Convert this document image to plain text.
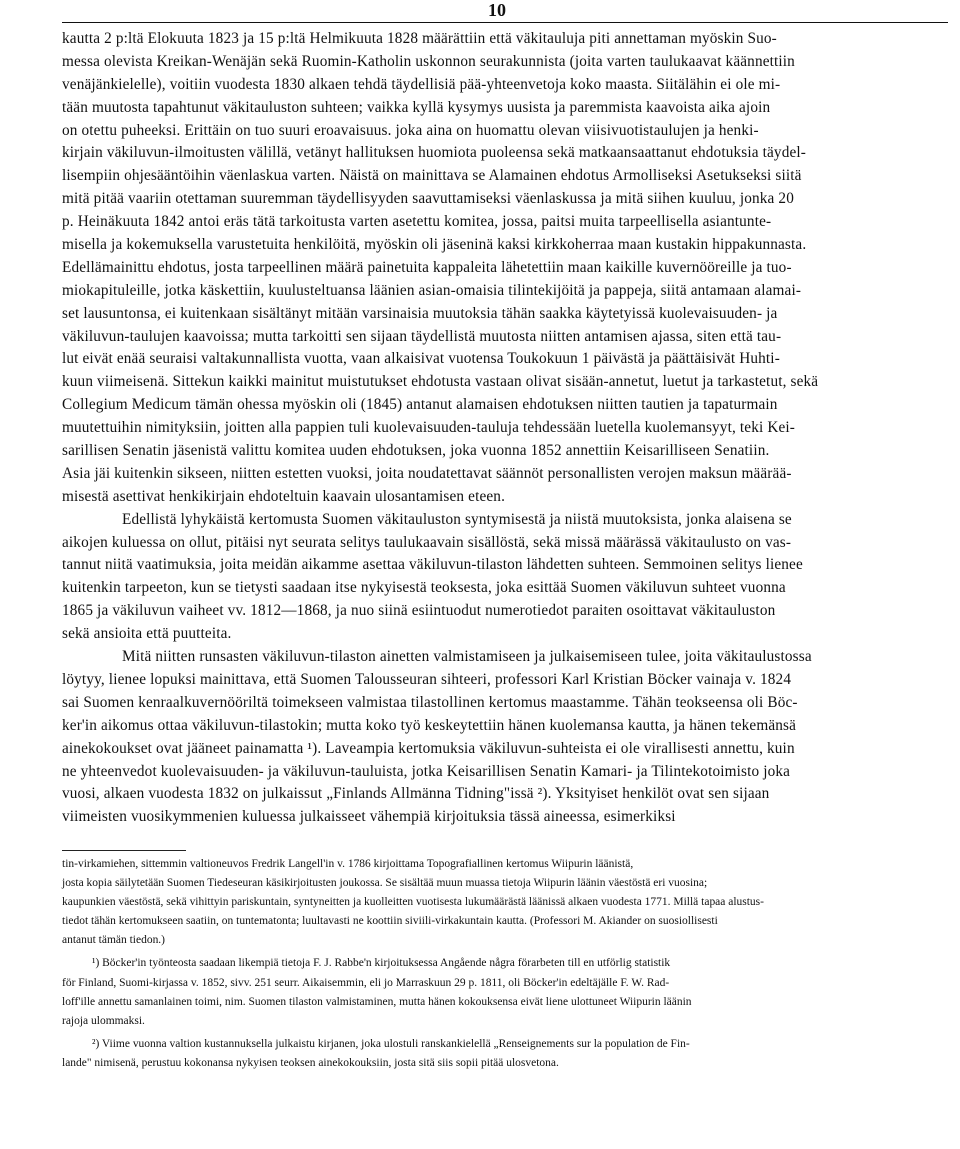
10
kautta 2 p:ltä Elokuuta 1823 ja 15 p:ltä Helmikuuta 1828 määrättiin että väkitauluja piti annettaman myöskin Suo-
messa olevista Kreikan-Wenäjän sekä Ruomin-Katholin uskonnon seurakunnista (joita varten taulukaavat käännettiin
venäjänkielelle), voitiin vuodesta 1830 alkaen tehdä täydellisiä pää-yhteenvetoja koko maasta. Siitälähin ei ole mi-
tään muutosta tapahtunut väkitauluston suhteen; vaikka kyllä kysymys uusista ja paremmista kaavoista aika ajoin
on otettu puheeksi. Erittäin on tuo suuri eroavaisuus. joka aina on huomattu olevan viisivuotistaulujen ja henki-
kirjain väkiluvun-ilmoitusten välillä, vetänyt hallituksen huomiota puoleensa sekä matkaansaattanut ehdotuksia täydel-
lisempiin ohjesääntöihin väenlaskua varten. Näistä on mainittava se Alamainen ehdotus Armolliseksi Asetukseksi siitä
mitä pitää vaariin otettaman suuremman täydellisyyden saavuttamiseksi väenlaskussa ja mitä siihen kuuluu, jonka 20
p. Heinäkuuta 1842 antoi eräs tätä tarkoitusta varten asetettu komitea, jossa, paitsi muita tarpeellisella asiantunte-
misella ja kokemuksella varustetuita henkilöitä, myöskin oli jäseninä kaksi kirkkoherraa maan kustakin hippakunnasta.
Edellämainittu ehdotus, josta tarpeellinen määrä painetuita kappaleita lähetettiin maan kaikille kuvernööreille ja tuo-
miokapituleille, jotka käskettiin, kuulusteltuansa läänien asian-omaisia tilintekijöitä ja pappeja, siitä antamaan alamai-
set lausuntonsa, ei kuitenkaan sisältänyt mitään varsinaisia muutoksia tähän saakka käytetyissä kuolevaisuuden- ja
väkiluvun-taulujen kaavoissa; mutta tarkoitti sen sijaan täydellistä muutosta niitten antamisen ajassa, siten että tau-
lut eivät enää seuraisi valtakunnallista vuotta, vaan alkaisivat vuotensa Toukokuun 1 päivästä ja päättäisivät Huhti-
kuun viimeisenä. Sittekun kaikki mainitut muistutukset ehdotusta vastaan olivat sisään-annetut, luetut ja tarkastetut, sekä
Collegium Medicum tämän ohessa myöskin oli (1845) antanut alamaisen ehdotuksen niitten tautien ja tapaturmain
muutettuihin nimityksiin, joitten alla pappien tuli kuolevaisuuden-tauluja tehdessään luetella kuolemansyyt, teki Kei-
sarillisen Senatin jäsenistä valittu komitea uuden ehdotuksen, joka vuonna 1852 annettiin Keisarilliseen Senatiin.
Asia jäi kuitenkin sikseen, niitten estetten vuoksi, joita noudatettavat säännöt personallisten verojen maksun määrää-
misestä asettivat henkikirjain ehdoteltuin kaavain ulosantamisen eteen.
Edellistä lyhykäistä kertomusta Suomen väkitauluston syntymisestä ja niistä muutoksista, jonka alaisena se
aikojen kuluessa on ollut, pitäisi nyt seurata selitys taulukaavain sisällöstä, sekä missä määrässä väkitaulusto on vas-
tannut niitä vaatimuksia, joita meidän aikamme asettaa väkiluvun-tilaston lähdetten suhteen. Semmoinen selitys lienee
kuitenkin tarpeeton, kun se tietysti saadaan itse nykyisestä teoksesta, joka esittää Suomen väkiluvun suhteet vuonna
1865 ja väkiluvun vaiheet vv. 1812—1868, ja nuo siinä esiintuodut numerotiedot paraiten osoittavat väkitauluston
sekä ansioita että puutteita.
Mitä niitten runsasten väkiluvun-tilaston ainetten valmistamiseen ja julkaisemiseen tulee, joita väkitaulustossa
löytyy, lienee lopuksi mainittava, että Suomen Talousseuran sihteeri, professori Karl Kristian Böcker vainaja v. 1824
sai Suomen kenraalkuvernööriltä toimekseen valmistaa tilastollinen kertomus maastamme. Tähän teokseensa oli Böc-
ker'in aikomus ottaa väkiluvun-tilastokin; mutta koko työ keskeytettiin hänen kuolemansa kautta, ja hänen tekemänsä
ainekokoukset ovat jääneet painamatta ¹). Laveampia kertomuksia väkiluvun-suhteista ei ole virallisesti annettu, kuin
ne yhteenvedot kuolevaisuuden- ja väkiluvun-tauluista, jotka Keisarillisen Senatin Kamari- ja Tilintekotoimisto joka
vuosi, alkaen vuodesta 1832 on julkaissut „Finlands Allmänna Tidning"issä ²). Yksityiset henkilöt ovat sen sijaan
viimeisten vuosikymmenien kuluessa julkaisseet vähempiä kirjoituksia tässä aineessa, esimerkiksi
tin-virkamiehen, sittemmin valtioneuvos Fredrik Langell'in v. 1786 kirjoittama Topografiallinen kertomus Wiipurin läänistä,
josta kopia säilytetään Suomen Tiedeseuran käsikirjoitusten joukossa. Se sisältää muun muassa tietoja Wiipurin läänin väestöstä eri vuosina;
kaupunkien väestöstä, sekä vihittyin pariskuntain, syntyneitten ja kuolleitten vuotisesta lukumäärästä läänissä alkaen vuodesta 1771. Millä tapaa alustus-
tiedot tähän kertomukseen saatiin, on tuntematonta; luultavasti ne koottiin siviili-virkakuntain kautta. (Professori M. Akiander on suosiollisesti
antanut tämän tiedon.)
¹) Böcker'in työnteosta saadaan likempiä tietoja F. J. Rabbe'n kirjoituksessa Angående några förarbeten till en utförlig statistik
för Finland, Suomi-kirjassa v. 1852, sivv. 251 seurr. Aikaisemmin, eli jo Marraskuun 29 p. 1811, oli Böcker'in edeltäjälle F. W. Rad-
loff'ille annettu samanlainen toimi, nim. Suomen tilaston valmistaminen, mutta hänen kokouksensa eivät liene ulottuneet Wiipurin läänin
rajoja ulommaksi.
²) Viime vuonna valtion kustannuksella julkaistu kirjanen, joka ulostuli ranskankielellä „Renseignements sur la population de Fin-
lande" nimisenä, perustuu kokonansa nykyisen teoksen ainekokouksiin, josta sitä siis sopii pitää ulosvetona.
